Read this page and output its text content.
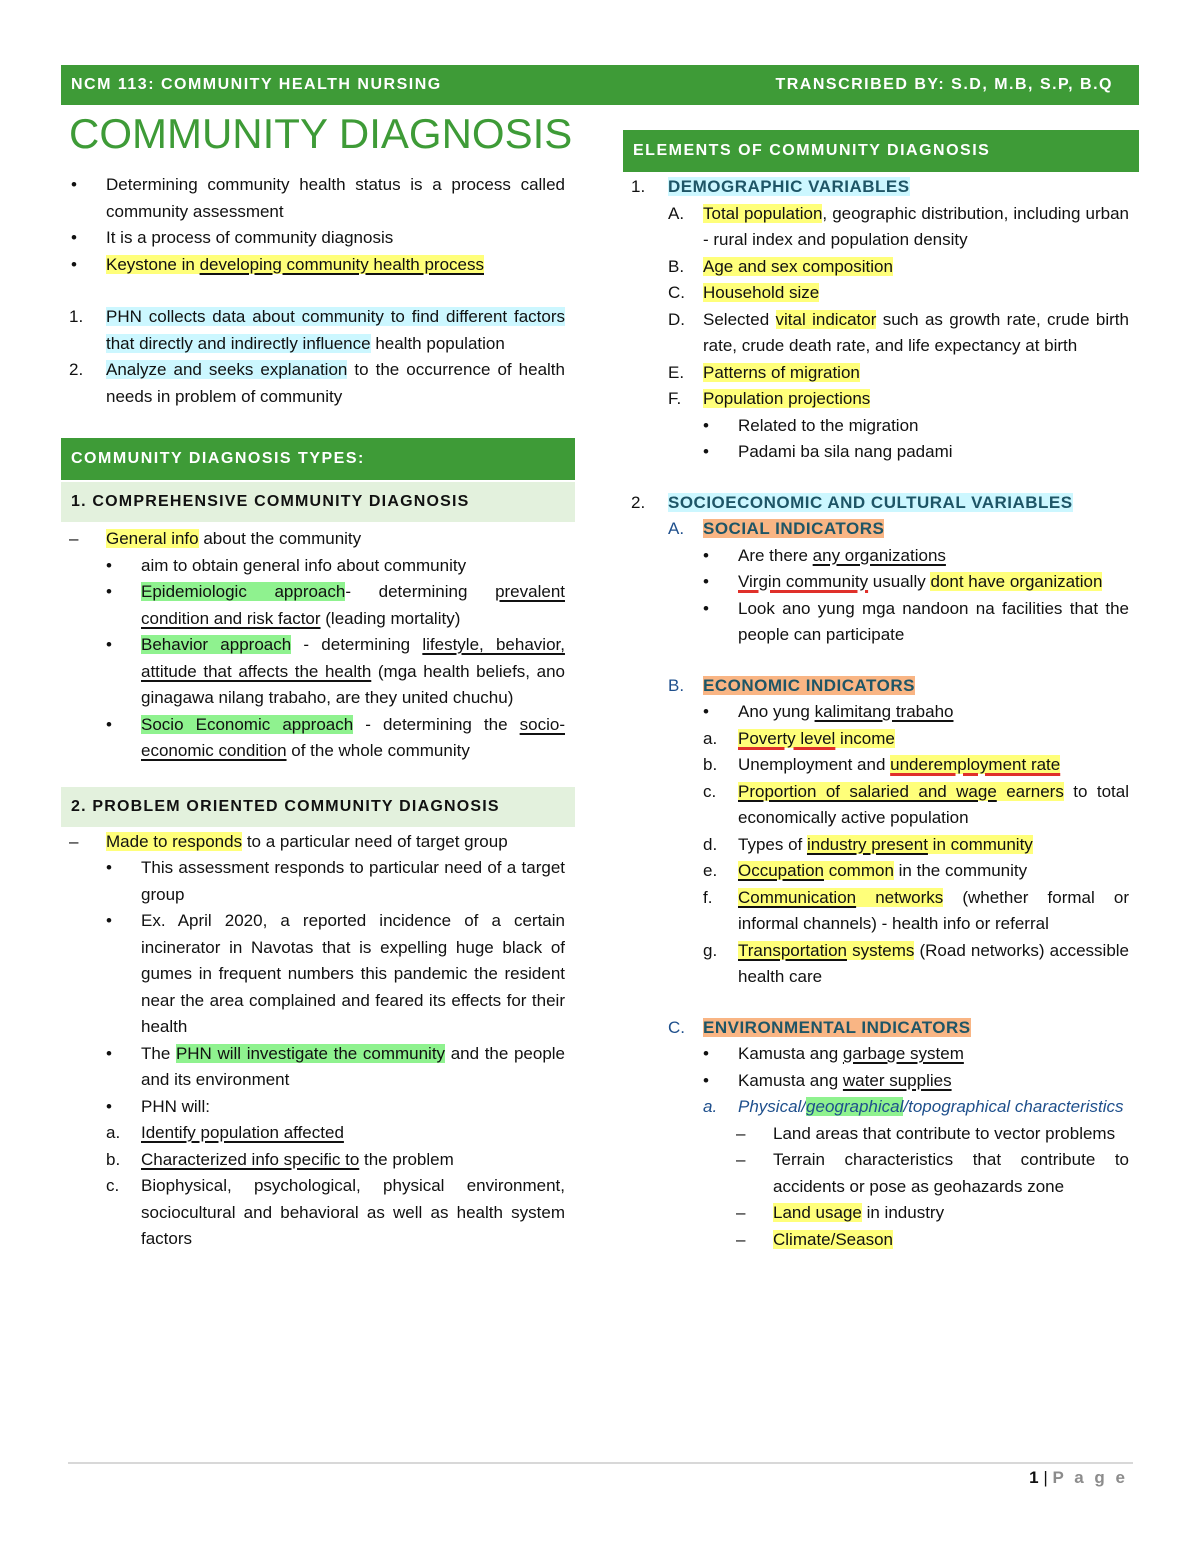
NCM 113: COMMUNITY HEALTH NURSING	TRANSCRIBED BY: S.D, M.B, S.P, B.Q
COMMUNITY DIAGNOSIS
• Determining community health status is a process called community assessment
• It is a process of community diagnosis
• Keystone in developing community health process
1. PHN collects data about community to find different factors that directly and indirectly influence health population
2. Analyze and seeks explanation to the occurrence of health needs in problem of community
COMMUNITY DIAGNOSIS TYPES:
1. COMPREHENSIVE COMMUNITY DIAGNOSIS
– General info about the community
• aim to obtain general info about community
• Epidemiologic approach- determining prevalent condition and risk factor (leading mortality)
• Behavior approach - determining lifestyle, behavior, attitude that affects the health (mga health beliefs, ano ginagawa nilang trabaho, are they united chuchu)
• Socio Economic approach - determining the socio-economic condition of the whole community
2. PROBLEM ORIENTED COMMUNITY DIAGNOSIS
– Made to responds to a particular need of target group
• This assessment responds to particular need of a target group
• Ex. April 2020, a reported incidence of a certain incinerator in Navotas that is expelling huge black of gumes in frequent numbers this pandemic the resident near the area complained and feared its effects for their health
• The PHN will investigate the community and the people and its environment
• PHN will:
a. Identify population affected
b. Characterized info specific to the problem
c. Biophysical, psychological, physical environment, sociocultural and behavioral as well as health system factors
ELEMENTS OF COMMUNITY DIAGNOSIS
1. DEMOGRAPHIC VARIABLES
A. Total population, geographic distribution, including urban - rural index and population density
B. Age and sex composition
C. Household size
D. Selected vital indicator such as growth rate, crude birth rate, crude death rate, and life expectancy at birth
E. Patterns of migration
F. Population projections
• Related to the migration
• Padami ba sila nang padami
2. SOCIOECONOMIC AND CULTURAL VARIABLES
A. SOCIAL INDICATORS
• Are there any organizations
• Virgin community usually dont have organization
• Look ano yung mga nandoon na facilities that the people can participate
B. ECONOMIC INDICATORS
• Ano yung kalimitang trabaho
a. Poverty level income
b. Unemployment and underemployment rate
c. Proportion of salaried and wage earners to total economically active population
d. Types of industry present in community
e. Occupation common in the community
f. Communication networks (whether formal or informal channels) - health info or referral
g. Transportation systems (Road networks) accessible health care
C. ENVIRONMENTAL INDICATORS
• Kamusta ang garbage system
• Kamusta ang water supplies
a. Physical/geographical/topographical characteristics
– Land areas that contribute to vector problems
– Terrain characteristics that contribute to accidents or pose as geohazards zone
– Land usage in industry
– Climate/Season
1 | P a g e
